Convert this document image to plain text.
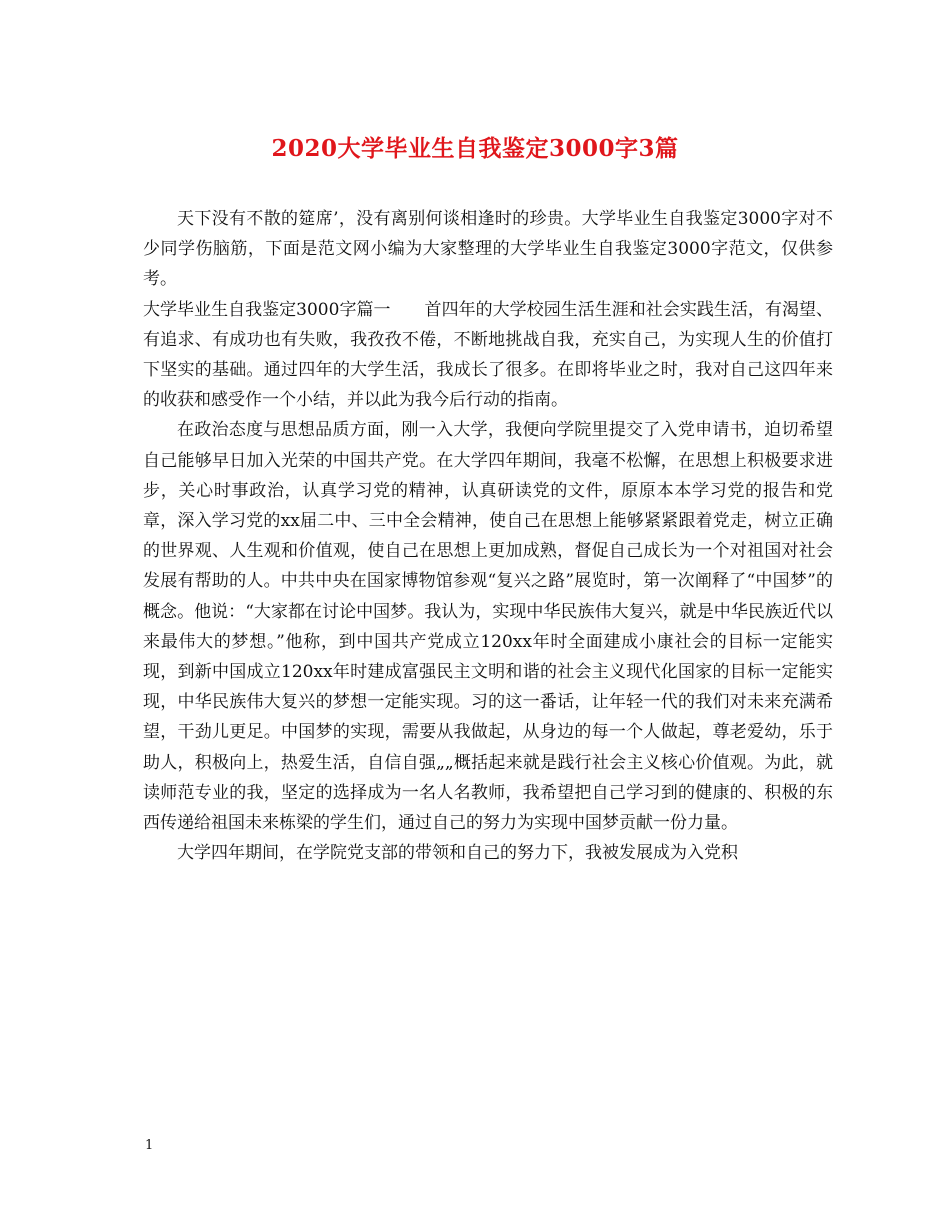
2020大学毕业生自我鉴定3000字3篇

天下没有不散的筵席’，没有离别何谈相逢时的珍贵。大学毕业生自我鉴定3000字对不少同学伤脑筋，下面是范文网小编为大家整理的大学毕业生自我鉴定3000字范文，仅供参考。

大学毕业生自我鉴定3000字篇一　　首四年的大学校园生活生涯和社会实践生活，有渴望、有追求、有成功也有失败，我孜孜不倦，不断地挑战自我，充实自己，为实现人生的价值打下坚实的基础。通过四年的大学生活，我成长了很多。在即将毕业之时，我对自己这四年来的收获和感受作一个小结，并以此为我今后行动的指南。

在政治态度与思想品质方面，刚一入大学，我便向学院里提交了入党申请书，迫切希望自己能够早日加入光荣的中国共产党。在大学四年期间，我毫不松懈，在思想上积极要求进步，关心时事政治，认真学习党的精神，认真研读党的文件，原原本本学习党的报告和党章，深入学习党的xx届二中、三中全会精神，使自己在思想上能够紧紧跟着党走，树立正确的世界观、人生观和价值观，使自己在思想上更加成熟，督促自己成长为一个对祖国对社会发展有帮助的人。中共中央在国家博物馆参观“复兴之路”展览时，第一次阐释了“中国梦”的概念。他说：“大家都在讨论中国梦。我认为，实现中华民族伟大复兴，就是中华民族近代以来最伟大的梦想。”他称，到中国共产党成立120xx年时全面建成小康社会的目标一定能实现，到新中国成立120xx年时建成富强民主文明和谐的社会主义现代化国家的目标一定能实现，中华民族伟大复兴的梦想一定能实现。习的这一番话，让年轻一代的我们对未来充满希望，干劲儿更足。中国梦的实现，需要从我做起，从身边的每一个人做起，尊老爱幼，乐于助人，积极向上，热爱生活，自信自强„„概括起来就是践行社会主义核心价值观。为此，就读师范专业的我，坚定的选择成为一名人名教师，我希望把自己学习到的健康的、积极的东西传递给祖国未来栋梁的学生们，通过自己的努力为实现中国梦贡献一份力量。

大学四年期间，在学院党支部的带领和自己的努力下，我被发展成为入党积

1
